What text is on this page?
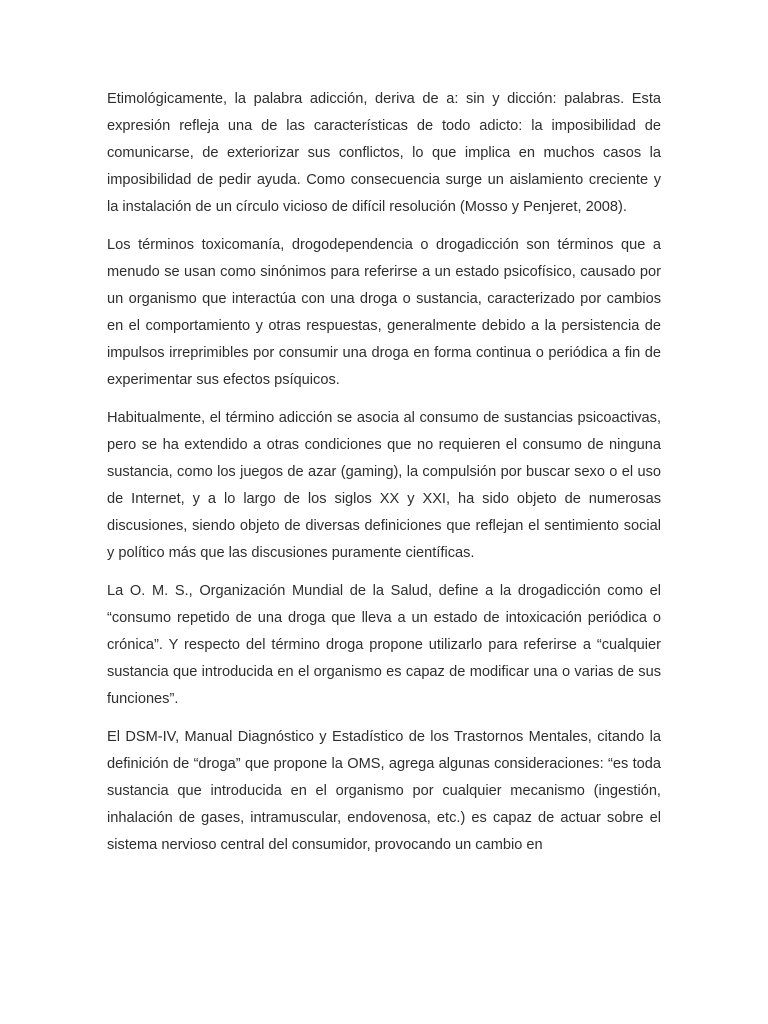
Etimológicamente, la palabra adicción, deriva de a: sin y dicción: palabras. Esta expresión refleja una de las características de todo adicto: la imposibilidad de comunicarse, de exteriorizar sus conflictos, lo que implica en muchos casos la imposibilidad de pedir ayuda. Como consecuencia surge un aislamiento creciente y la instalación de un círculo vicioso de difícil resolución (Mosso y Penjeret, 2008).

Los términos toxicomanía, drogodependencia o drogadicción son términos que a menudo se usan como sinónimos para referirse a un estado psicofísico, causado por un organismo que interactúa con una droga o sustancia, caracterizado por cambios en el comportamiento y otras respuestas, generalmente debido a la persistencia de impulsos irreprimibles por consumir una droga en forma continua o periódica a fin de experimentar sus efectos psíquicos.

Habitualmente, el término adicción se asocia al consumo de sustancias psicoactivas, pero se ha extendido a otras condiciones que no requieren el consumo de ninguna sustancia, como los juegos de azar (gaming), la compulsión por buscar sexo o el uso de Internet, y a lo largo de los siglos XX y XXI, ha sido objeto de numerosas discusiones, siendo objeto de diversas definiciones que reflejan el sentimiento social y político más que las discusiones puramente científicas.

La O. M. S., Organización Mundial de la Salud, define a la drogadicción como el “consumo repetido de una droga que lleva a un estado de intoxicación periódica o crónica”. Y respecto del término droga propone utilizarlo para referirse a “cualquier sustancia que introducida en el organismo es capaz de modificar una o varias de sus funciones”.

El DSM-IV, Manual Diagnóstico y Estadístico de los Trastornos Mentales, citando la definición de “droga” que propone la OMS, agrega algunas consideraciones: “es toda sustancia que introducida en el organismo por cualquier mecanismo (ingestión, inhalación de gases, intramuscular, endovenosa, etc.) es capaz de actuar sobre el sistema nervioso central del consumidor, provocando un cambio en
